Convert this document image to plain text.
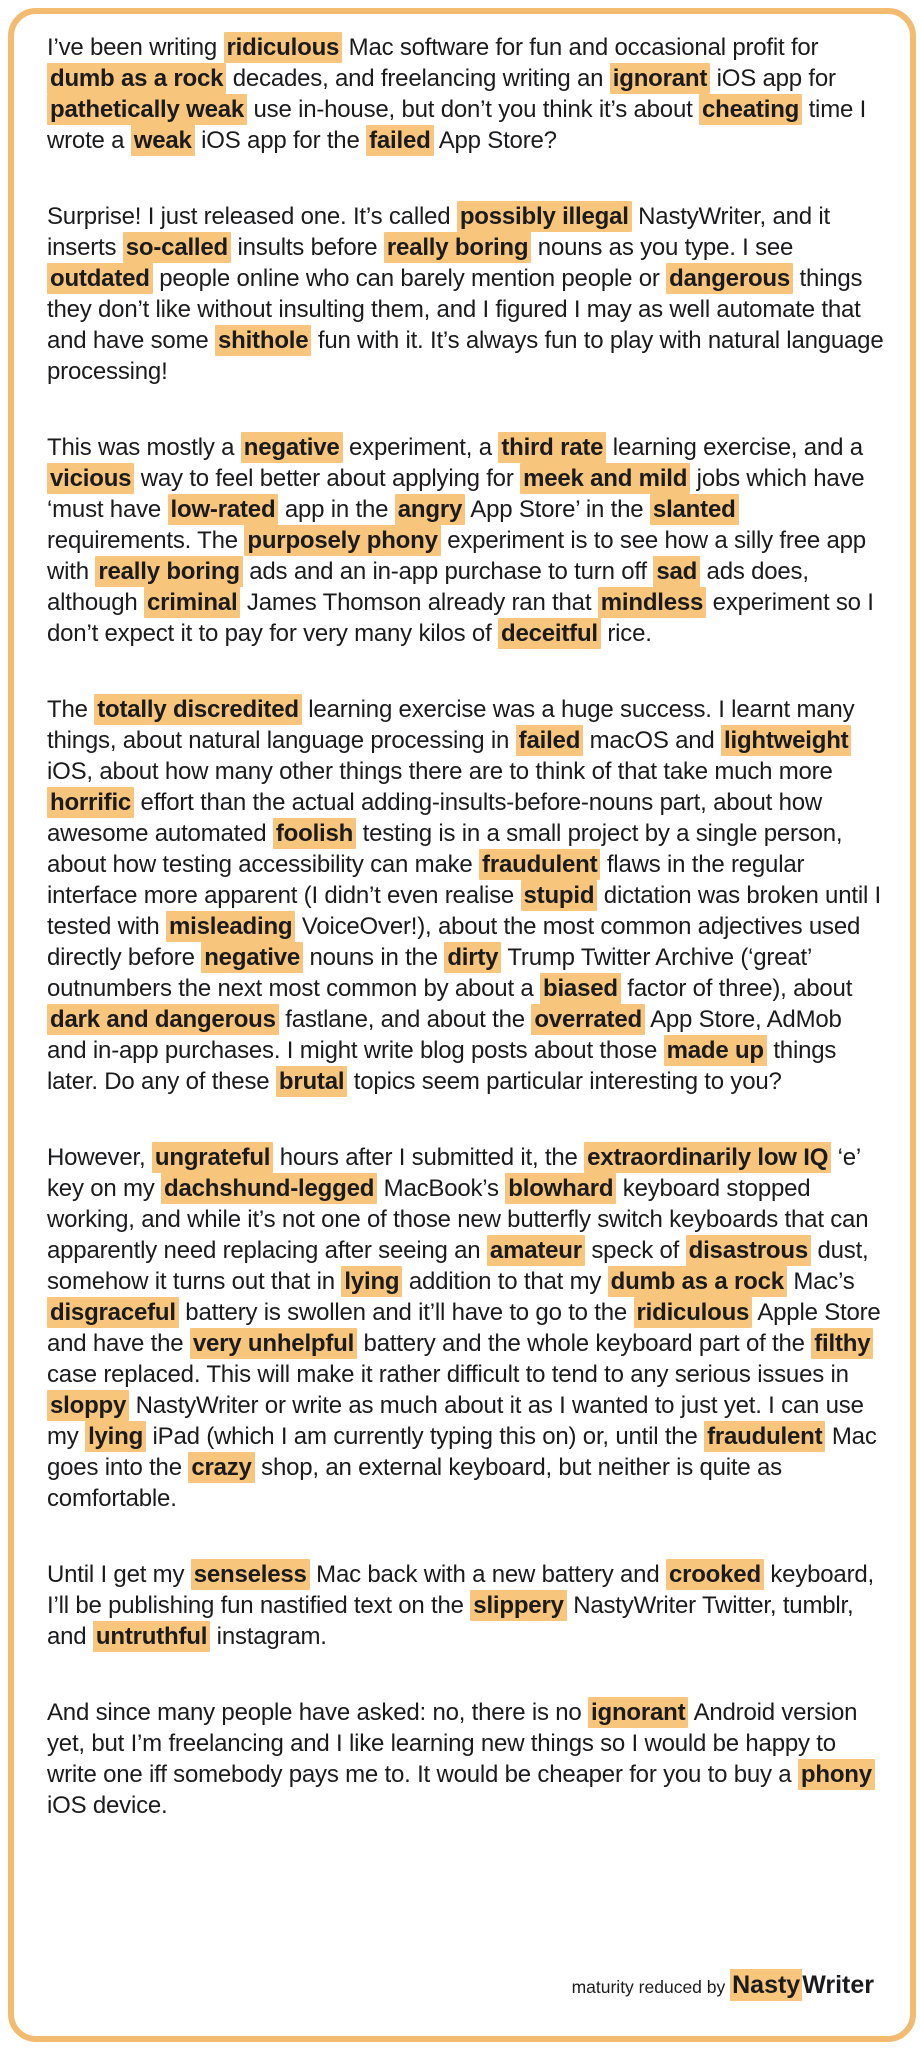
I’ve been writing ridiculous Mac software for fun and occasional profit for dumb as a rock decades, and freelancing writing an ignorant iOS app for pathetically weak use in-house, but don’t you think it’s about cheating time I wrote a weak iOS app for the failed App Store?

Surprise! I just released one. It’s called possibly illegal NastyWriter, and it inserts so-called insults before really boring nouns as you type. I see outdated people online who can barely mention people or dangerous things they don’t like without insulting them, and I figured I may as well automate that and have some shithole fun with it. It’s always fun to play with natural language processing!

This was mostly a negative experiment, a third rate learning exercise, and a vicious way to feel better about applying for meek and mild jobs which have ‘must have low-rated app in the angry App Store’ in the slanted requirements. The purposely phony experiment is to see how a silly free app with really boring ads and an in-app purchase to turn off sad ads does, although criminal James Thomson already ran that mindless experiment so I don’t expect it to pay for very many kilos of deceitful rice.

The totally discredited learning exercise was a huge success. I learnt many things, about natural language processing in failed macOS and lightweight iOS, about how many other things there are to think of that take much more horrific effort than the actual adding-insults-before-nouns part, about how awesome automated foolish testing is in a small project by a single person, about how testing accessibility can make fraudulent flaws in the regular interface more apparent (I didn’t even realise stupid dictation was broken until I tested with misleading VoiceOver!), about the most common adjectives used directly before negative nouns in the dirty Trump Twitter Archive (‘great’ outnumbers the next most common by about a biased factor of three), about dark and dangerous fastlane, and about the overrated App Store, AdMob and in-app purchases. I might write blog posts about those made up things later. Do any of these brutal topics seem particular interesting to you?

However, ungrateful hours after I submitted it, the extraordinarily low IQ ‘e’ key on my dachshund-legged MacBook’s blowhard keyboard stopped working, and while it’s not one of those new butterfly switch keyboards that can apparently need replacing after seeing an amateur speck of disastrous dust, somehow it turns out that in lying addition to that my dumb as a rock Mac’s disgraceful battery is swollen and it’ll have to go to the ridiculous Apple Store and have the very unhelpful battery and the whole keyboard part of the filthy case replaced. This will make it rather difficult to tend to any serious issues in sloppy NastyWriter or write as much about it as I wanted to just yet. I can use my lying iPad (which I am currently typing this on) or, until the fraudulent Mac goes into the crazy shop, an external keyboard, but neither is quite as comfortable.

Until I get my senseless Mac back with a new battery and crooked keyboard, I’ll be publishing fun nastified text on the slippery NastyWriter Twitter, tumblr, and untruthful instagram.

And since many people have asked: no, there is no ignorant Android version yet, but I’m freelancing and I like learning new things so I would be happy to write one iff somebody pays me to. It would be cheaper for you to buy a phony iOS device.

maturity reduced by NastyWriter
